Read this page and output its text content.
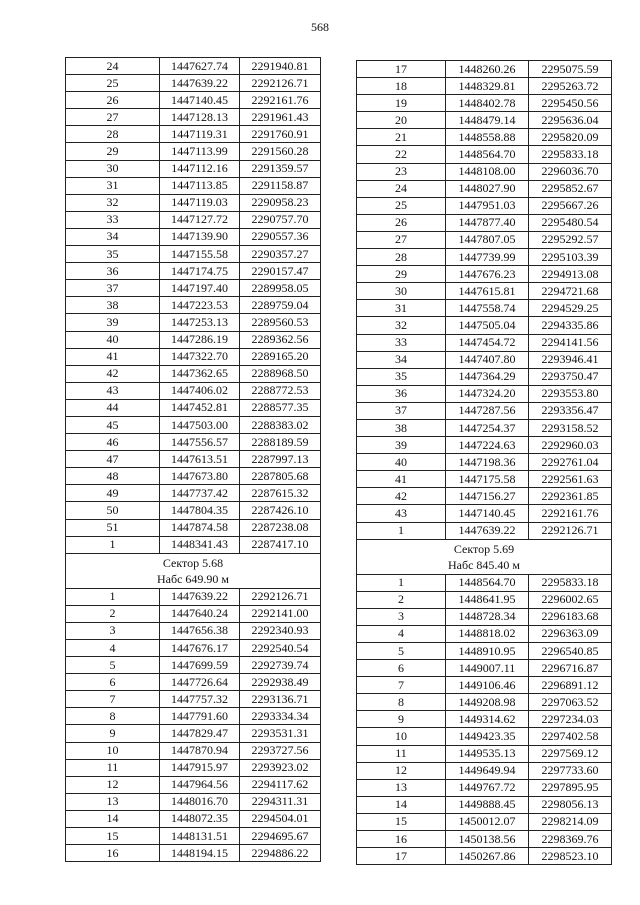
568
24	1447627.74	2291940.81
25	1447639.22	2292126.71
26	1447140.45	2292161.76
27	1447128.13	2291961.43
28	1447119.31	2291760.91
29	1447113.99	2291560.28
30	1447112.16	2291359.57
31	1447113.85	2291158.87
32	1447119.03	2290958.23
33	1447127.72	2290757.70
34	1447139.90	2290557.36
35	1447155.58	2290357.27
36	1447174.75	2290157.47
37	1447197.40	2289958.05
38	1447223.53	2289759.04
39	1447253.13	2289560.53
40	1447286.19	2289362.56
41	1447322.70	2289165.20
42	1447362.65	2288968.50
43	1447406.02	2288772.53
44	1447452.81	2288577.35
45	1447503.00	2288383.02
46	1447556.57	2288189.59
47	1447613.51	2287997.13
48	1447673.80	2287805.68
49	1447737.42	2287615.32
50	1447804.35	2287426.10
51	1447874.58	2287238.08
1	1448341.43	2287417.10

Сектор 5.68
Набс 649.90 м		

1	1447639.22	2292126.71
2	1447640.24	2292141.00
3	1447656.38	2292340.93
4	1447676.17	2292540.54
5	1447699.59	2292739.74
6	1447726.64	2292938.49
7	1447757.32	2293136.71
8	1447791.60	2293334.34
9	1447829.47	2293531.31
10	1447870.94	2293727.56
11	1447915.97	2293923.02
12	1447964.56	2294117.62
13	1448016.70	2294311.31
14	1448072.35	2294504.01
15	1448131.51	2294695.67
16	1448194.15	2294886.22
17	1448260.26	2295075.59
18	1448329.81	2295263.72
19	1448402.78	2295450.56
20	1448479.14	2295636.04
21	1448558.88	2295820.09
22	1448564.70	2295833.18
23	1448108.00	2296036.70
24	1448027.90	2295852.67
25	1447951.03	2295667.26
26	1447877.40	2295480.54
27	1447807.05	2295292.57
28	1447739.99	2295103.39
29	1447676.23	2294913.08
30	1447615.81	2294721.68
31	1447558.74	2294529.25
32	1447505.04	2294335.86
33	1447454.72	2294141.56
34	1447407.80	2293946.41
35	1447364.29	2293750.47
36	1447324.20	2293553.80
37	1447287.56	2293356.47
38	1447254.37	2293158.52
39	1447224.63	2292960.03
40	1447198.36	2292761.04
41	1447175.58	2292561.63
42	1447156.27	2292361.85
43	1447140.45	2292161.76
1	1447639.22	2292126.71

Сектор 5.69
Набс 845.40 м		

1	1448564.70	2295833.18
2	1448641.95	2296002.65
3	1448728.34	2296183.68
4	1448818.02	2296363.09
5	1448910.95	2296540.85
6	1449007.11	2296716.87
7	1449106.46	2296891.12
8	1449208.98	2297063.52
9	1449314.62	2297234.03
10	1449423.35	2297402.58
11	1449535.13	2297569.12
12	1449649.94	2297733.60
13	1449767.72	2297895.95
14	1449888.45	2298056.13
15	1450012.07	2298214.09
16	1450138.56	2298369.76
17	1450267.86	2298523.10
